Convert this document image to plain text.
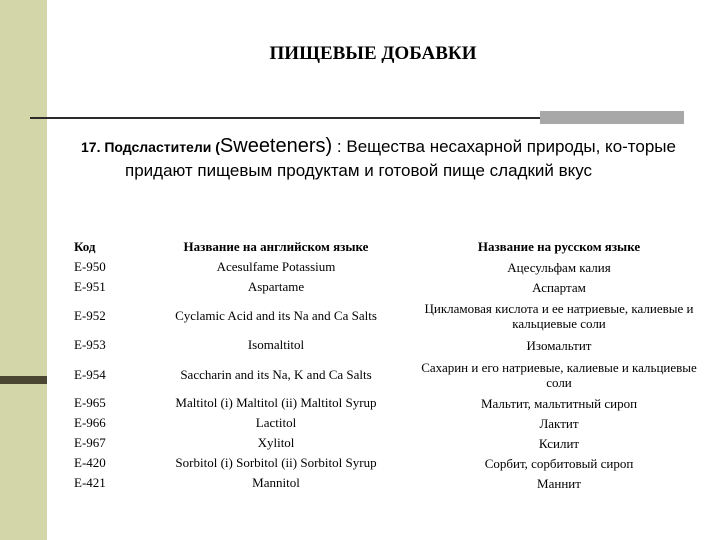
ПИЩЕВЫЕ ДОБАВКИ
17. Подсластители (Sweeteners) : Вещества несахарной природы, ко-торые придают пищевым продуктам и готовой пище сладкий вкус
Код	Название на английском языке	Название на русском языке
E-950	Acesulfame Potassium	Ацесульфам калия
E-951	Aspartame	Аспартам
E-952	Cyclamic Acid and its Na and Ca Salts	Цикламовая кислота и ее натриевые, калиевые и кальциевые соли
E-953	Isomaltitol	Изомальтит
E-954	Saccharin and its Na, K and Ca Salts	Сахарин и его натриевые, калиевые и кальциевые соли
E-965	Maltitol (i) Maltitol (ii) Maltitol Syrup	Мальтит, мальтитный сироп
E-966	Lactitol	Лактит
E-967	Xylitol	Ксилит
E-420	Sorbitol (i) Sorbitol (ii) Sorbitol Syrup	Сорбит, сорбитовый сироп
E-421	Mannitol	Маннит
